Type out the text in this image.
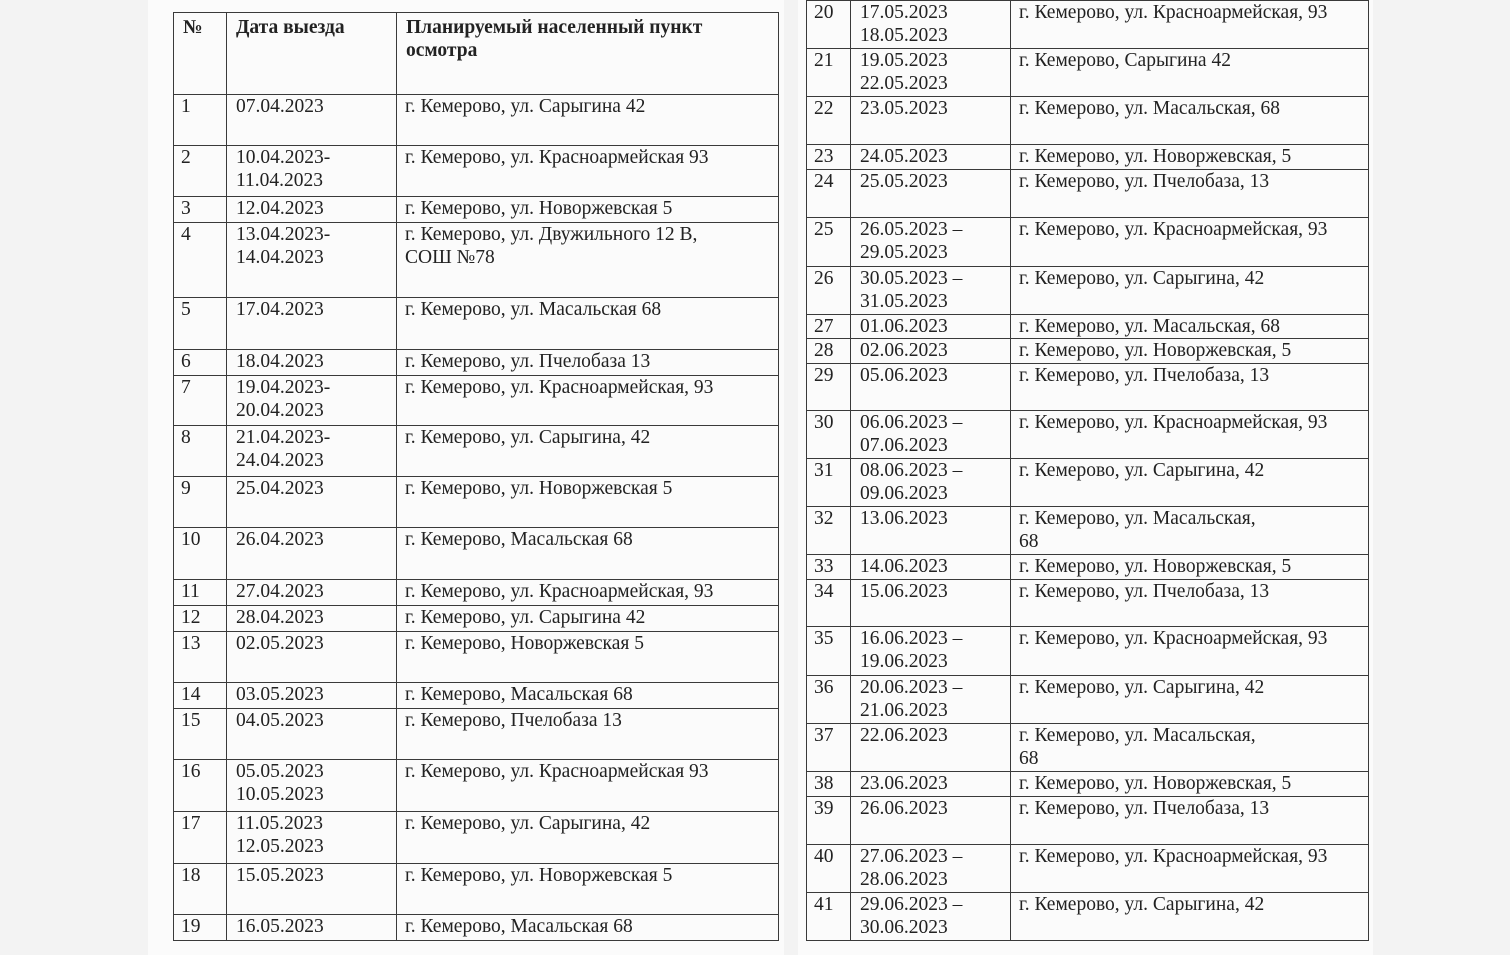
№	Дата выезда	Планируемый населенный пункт осмотра
1	07.04.2023	г. Кемерово, ул. Сарыгина 42

2	10.04.2023-
11.04.2023	г. Кемерово, ул. Красноармейская 93

3	12.04.2023	г. Кемерово, ул. Новоржевская 5

4	13.04.2023-
14.04.2023	г. Кемерово, ул. Двужильного 12 В,
СОШ №78

5	17.04.2023	г. Кемерово, ул. Масальская 68

6	18.04.2023	г. Кемерово, ул. Пчелобаза 13

7	19.04.2023-
20.04.2023	г. Кемерово, ул. Красноармейская, 93

8	21.04.2023-
24.04.2023	г. Кемерово, ул. Сарыгина, 42

9	25.04.2023	г. Кемерово, ул. Новоржевская 5

10	26.04.2023	г. Кемерово, Масальская 68

11	27.04.2023	г. Кемерово, ул. Красноармейская, 93

12	28.04.2023	г. Кемерово, ул. Сарыгина 42

13	02.05.2023	г. Кемерово, Новоржевская 5

14	03.05.2023	г. Кемерово, Масальская 68

15	04.05.2023	г. Кемерово, Пчелобаза 13

16	05.05.2023
10.05.2023	г. Кемерово, ул. Красноармейская 93

17	11.05.2023
12.05.2023	г. Кемерово, ул. Сарыгина, 42

18	15.05.2023	г. Кемерово, ул. Новоржевская 5

19	16.05.2023	г. Кемерово, Масальская 68
20	17.05.2023
18.05.2023	г. Кемерово, ул. Красноармейская, 93

21	19.05.2023
22.05.2023	г. Кемерово, Сарыгина 42

22	23.05.2023	г. Кемерово, ул. Масальская, 68

23	24.05.2023	г. Кемерово, ул. Новоржевская, 5

24	25.05.2023	г. Кемерово, ул. Пчелобаза, 13

25	26.05.2023 –
29.05.2023	г. Кемерово, ул. Красноармейская, 93

26	30.05.2023 –
31.05.2023	г. Кемерово, ул. Сарыгина, 42

27	01.06.2023	г. Кемерово, ул. Масальская, 68

28	02.06.2023	г. Кемерово, ул. Новоржевская, 5

29	05.06.2023	г. Кемерово, ул. Пчелобаза, 13

30	06.06.2023 –
07.06.2023	г. Кемерово, ул. Красноармейская, 93

31	08.06.2023 –
09.06.2023	г. Кемерово, ул. Сарыгина, 42

32	13.06.2023	г. Кемерово, ул. Масальская,
68

33	14.06.2023	г. Кемерово, ул. Новоржевская, 5

34	15.06.2023	г. Кемерово, ул. Пчелобаза, 13

35	16.06.2023 –
19.06.2023	г. Кемерово, ул. Красноармейская, 93

36	20.06.2023 –
21.06.2023	г. Кемерово, ул. Сарыгина, 42

37	22.06.2023	г. Кемерово, ул. Масальская,
68

38	23.06.2023	г. Кемерово, ул. Новоржевская, 5

39	26.06.2023	г. Кемерово, ул. Пчелобаза, 13

40	27.06.2023 –
28.06.2023	г. Кемерово, ул. Красноармейская, 93

41	29.06.2023 –
30.06.2023	г. Кемерово, ул. Сарыгина, 42
